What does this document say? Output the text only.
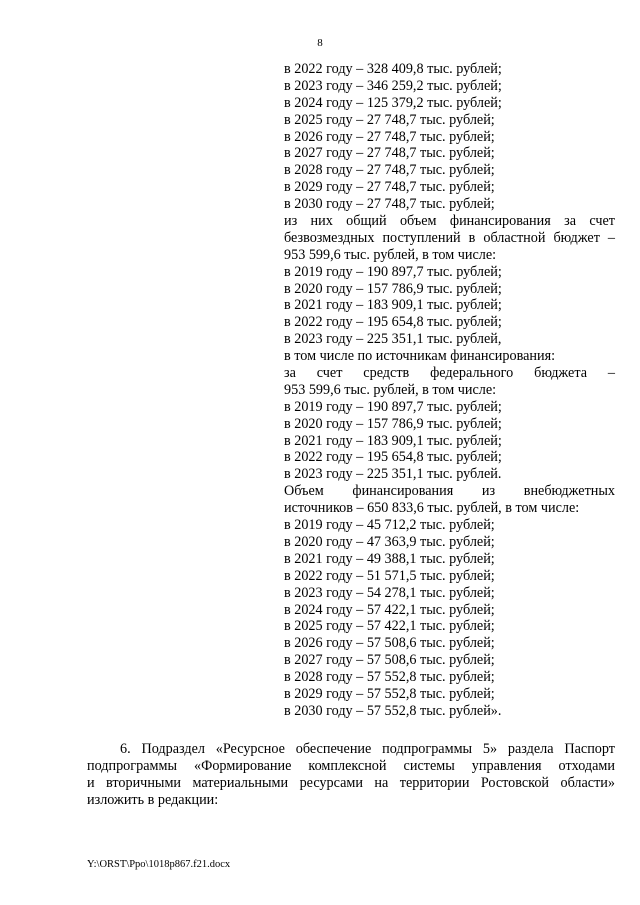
8
в 2022 году – 328 409,8 тыс. рублей;
в 2023 году – 346 259,2 тыс. рублей;
в 2024 году – 125 379,2 тыс. рублей;
в 2025 году – 27 748,7 тыс. рублей;
в 2026 году – 27 748,7 тыс. рублей;
в 2027 году – 27 748,7 тыс. рублей;
в 2028 году – 27 748,7 тыс. рублей;
в 2029 году – 27 748,7 тыс. рублей;
в 2030 году – 27 748,7 тыс. рублей;
из них общий объем финансирования за счет
безвозмездных поступлений в областной бюджет –
953 599,6 тыс. рублей, в том числе:
в 2019 году – 190 897,7 тыс. рублей;
в 2020 году – 157 786,9 тыс. рублей;
в 2021 году – 183 909,1 тыс. рублей;
в 2022 году – 195 654,8 тыс. рублей;
в 2023 году – 225 351,1 тыс. рублей,
в том числе по источникам финансирования:
за счет средств федерального бюджета –
953 599,6 тыс. рублей, в том числе:
в 2019 году – 190 897,7 тыс. рублей;
в 2020 году – 157 786,9 тыс. рублей;
в 2021 году – 183 909,1 тыс. рублей;
в 2022 году – 195 654,8 тыс. рублей;
в 2023 году – 225 351,1 тыс. рублей.
Объем финансирования из внебюджетных
источников – 650 833,6 тыс. рублей, в том числе:
в 2019 году – 45 712,2 тыс. рублей;
в 2020 году – 47 363,9 тыс. рублей;
в 2021 году – 49 388,1 тыс. рублей;
в 2022 году – 51 571,5 тыс. рублей;
в 2023 году – 54 278,1 тыс. рублей;
в 2024 году – 57 422,1 тыс. рублей;
в 2025 году – 57 422,1 тыс. рублей;
в 2026 году – 57 508,6 тыс. рублей;
в 2027 году – 57 508,6 тыс. рублей;
в 2028 году – 57 552,8 тыс. рублей;
в 2029 году – 57 552,8 тыс. рублей;
в 2030 году – 57 552,8 тыс. рублей».
6. Подраздел «Ресурсное обеспечение подпрограммы 5» раздела Паспорт
подпрограммы «Формирование комплексной системы управления отходами
и вторичными материальными ресурсами на территории Ростовской области»
изложить в редакции:
Y:\ORST\Ppo\1018p867.f21.docx
